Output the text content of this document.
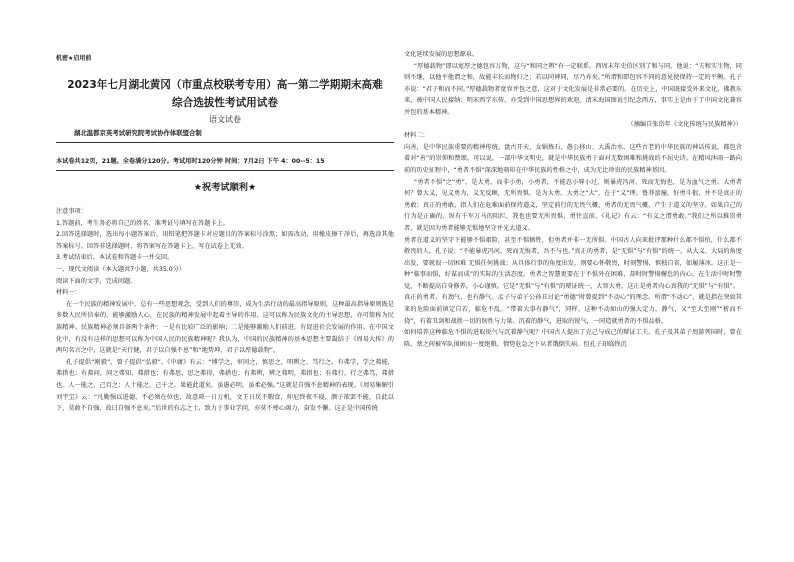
机密★启用前
2023年七月湖北黄冈（市重点校联考专用）高一第二学期期末高难
综合选拔性考试用试卷
语文试卷
湖北温都京英考试研究院考试协作体联盟合制
本试卷共12页，21题。全卷满分120分。考试用时120分钟 时间：7月2日 下午 4：00--5：15
★祝考试顺利★

注意事项：

1.答题前，考生务必将自己的姓名、准考证号填写在答题卡上。

2.回答选择题时，选出每小题答案后，用铅笔把答题卡对应题目的答案标号涂黑；如需改动，用橡皮擦干净后，再选涂其他答案标号。回答非选择题时，将答案写在答题卡上，写在试卷上无效。

3.考试结束后，本试卷和答题卡一并交回。

一、现代文阅读（本大题共7小题，共35.0分）

阅读下面的文字，完成问题。

材料一：

在一个民族的精神发展中，总有一些思想观念，受到人们的尊崇，成为生活行动的最高指导原则，这种最高指导原则既是多数人民所信奉的，能够激励人心，在民族的精神发展中起着主导的作用，这可以称为民族文化的主导思想，亦可简称为民族精神。民族精神必须具备两个条件：一是有比较广泛的影响；二是能够激励人们前进，有促进社会发展的作用。在中国文化中，有没有这样的思想可以称为中国人民的民族精神呢？我认为，中国的民族精神的基本思想主要凝结于《周易大传》的两句名言之中，这就是“天行健，君子以自强不息”和“地势坤，君子以厚德载物”。

孔子提倡“刚毅”，曾子提倡“弘毅”。《中庸》有云：“博学之，审问之，慎思之，明辨之，笃行之。有弗学，学之弗能，弗措也；有弗问，问之弗知，弗措也；有弗思，思之弗得，弗措也；有弗辨，辨之弗明，弗措也；有弗行，行之弗笃，弗措也。人一能之，己百之；人十能之，己千之。果能此道矣，虽愚必明，虽柔必强。”这就是自强不息精神的表现。《周易集解引刘宇宝》云：“凡勤强以进德，不必须在位也，故意舜一日万机，文王日昃不暇食，仲尼终夜不寝，颜子欲罢不能，自此以下，莫敢不自强，故曰自强不息矣。”后世的有志之士，致力于事业学问，亦莫不殚心竭力，奋发不懈。这正是中国传统

文化延续发展的思想源泉。

“厚德载物”即以宽厚之德包容万物，这与“和同之辨”有一定联系。西周末年史伯区别了和与同，他说：“夫和实生物，同则不继，以他平他谓之和，故能丰长而物归之；若以同裨同，尽乃弃矣。”所谓和即包容不同的意见使保持一定的平衡。孔子亦说：“君子和而不同。”厚德载物者宽容并包之意，这对于文化发展是非常必要的。在历史上，中国既接受外来文化，佛教东来，被中国人民接纳；明末西学东传，亦受到中国思想界的欢迎。清末海国图说引纪念西方，事实上是由于了中国文化兼容并包的基本精神。

（摘编自张岱年《文化传统与民族精神》）

材料二：

向善，是中华民族重要的精神传统。盘古开天、女娲炼石、愚公移山、大禹治水，这些古老的中华民族的神话传说，都包含着对“善”的崇仰和赞颂。可以说，一部中华文明史，就是中华民族勇于面对无数困难和挑战的不屈史诗。在精风沐雨一路向前的历史征程中，“勇者不惧”深深地刻印在中华民族的性格之中，成为无比珍贵的民族精神基因。

“勇者不惧”之“勇”，是大勇，而非小勇，小勇者，不能忍小辱小过，则暴虎冯河、死而无悔也，是为血气之勇。大勇者何？曾大义，见义勇为，义无反顾，无所畏惧，是为大勇。大勇之“大”，在于“义”理。鲁莽蛮撞，好勇斗狠，并不是真正的勇敢；真正的勇敢，指人们在危难面前保持道义，坚定前行的无畏气概，勇者的无畏气概，产生于道义的坚守。如果自己的行为是正确的，纵有千军万马的阻拦，我也也要无所畏惧，勇往直前。《礼记》有云：“有义之谓勇敢。”我们之所以推崇勇者，就是因为勇者能够无惧地坚守并光大道义。

勇者在道义的坚守下能够不惧艰险，甚至不惧牺牲，但勇者并非一无所惧。中国古人向来批评那种什么都不惧怕，什么都不敬畏的人。孔子说：“不能暴虎冯河，死而无悔者，吾不与也。”真正的勇者，是“无惧”与“有惧”的统一。从大义、大局的角度出发，要就很一切困难 无惧任何挑战；从具体行事的角度出发，则要心怀敬畏，时刻警惕，慎独自省，如履薄冰。这正是一种“临事而惧，好谋而成”的实际的生活态度。勇者之智慧更要在于不惧外在困难，却时时警惕懈怠的内心，在生活中时时警觉，不断提高自身修养，小心谨慎。它是“无惧”与“有惧”的辩证统一，大智大勇，这正是勇者内心真我的“无惧”与“有惧”。

真正的勇者，有劲气，也有静气。孟子与弟子公孙丑讨论“勇德”时曾提到“不动心”的理念。所谓“不动心”，就是指在突如其来的危险面前镇定自若，临危不乱。“带着大事有静气”，同样，这种不动如山的强大定力，静气，又“至大至刚”“析而不挠”，有着丑剑和战胜一切的韧性与力量。沉着的静气，进取的锐气，一同造就勇者的不惧品格。

如何培养这种临危不惧的进取锐气与沉着静气呢？中国古人提出了克己与成己的辩证工夫。孔子及其弟子周游列国时，曾在陈、蔡之间被军队围困而一度绝粮，情势危急之下从者饿倒失病。但孔子却临终沉
